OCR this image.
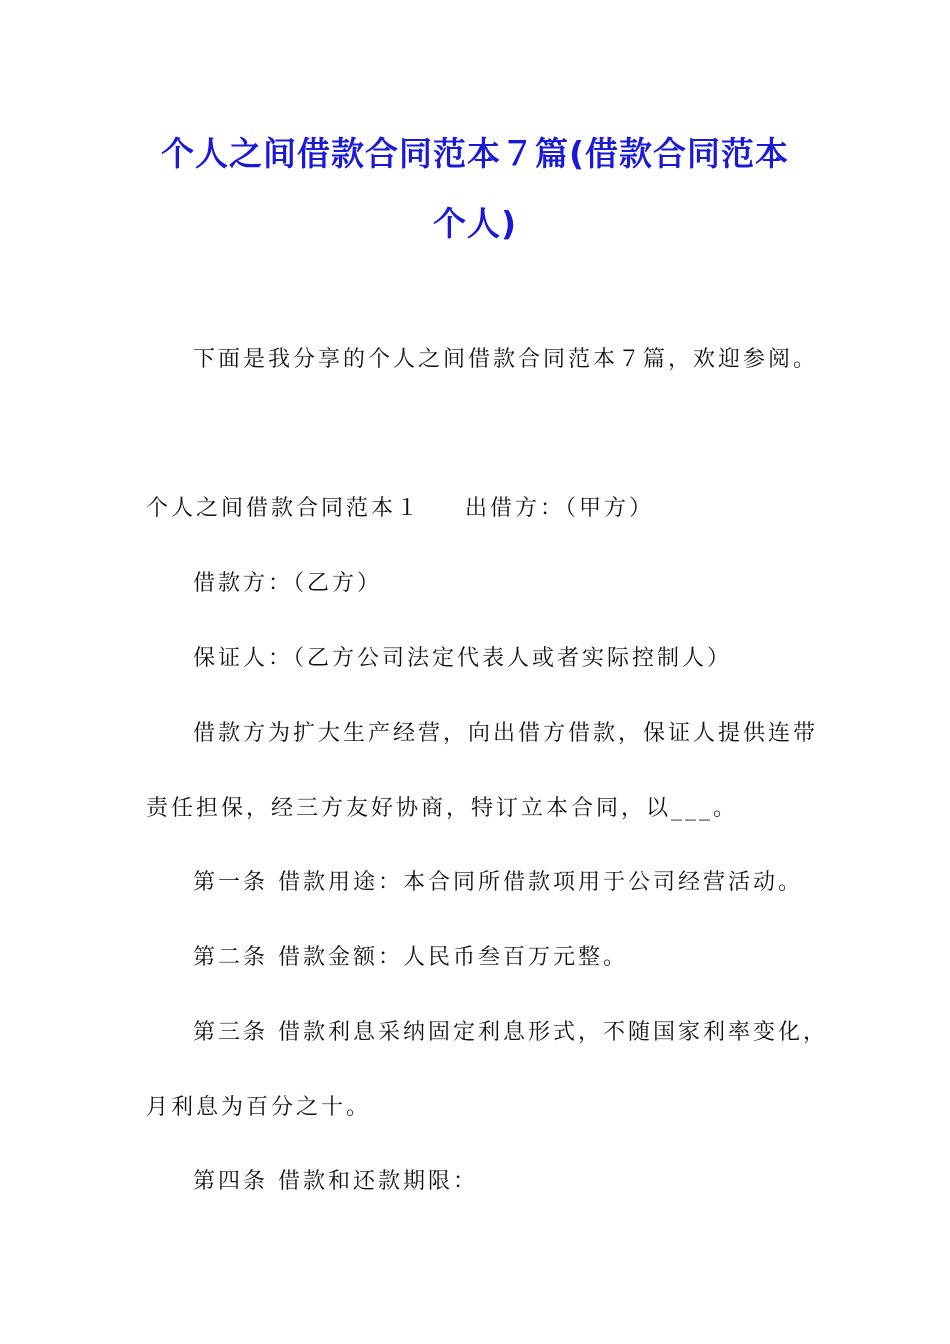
个人之间借款合同范本７篇(借款合同范本
个人)

下面是我分享的个人之间借款合同范本７篇，欢迎参阅。

个人之间借款合同范本１ 出借方：（甲方）

借款方：（乙方）

保证人：（乙方公司法定代表人或者实际控制人）

借款方为扩大生产经营，向出借方借款，保证人提供连带

责任担保，经三方友好协商，特订立本合同，以___。

第一条 借款用途：本合同所借款项用于公司经营活动。

第二条 借款金额：人民币叁百万元整。

第三条 借款利息采纳固定利息形式，不随国家利率变化，

月利息为百分之十。

第四条 借款和还款期限：
